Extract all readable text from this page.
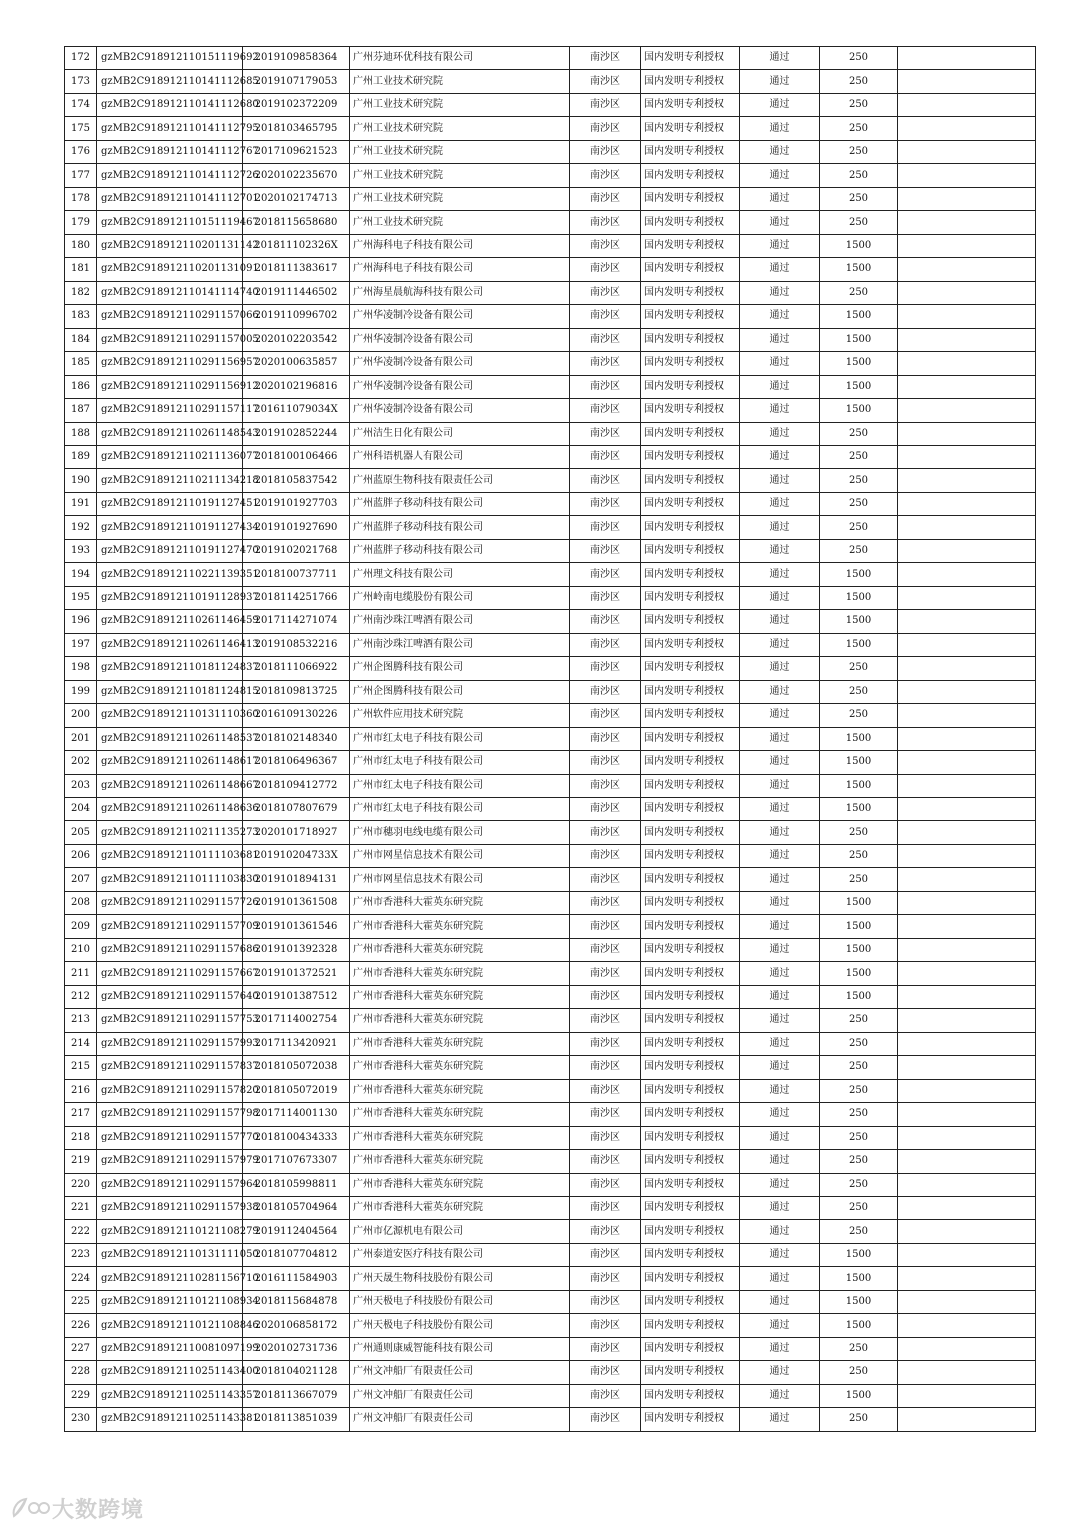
172	gzMB2C918912110151119692	2019109858364	广州芬迪环优科技有限公司	南沙区	国内发明专利授权	通过	250	
173	gzMB2C918912110141112685	2019107179053	广州工业技术研究院	南沙区	国内发明专利授权	通过	250	
174	gzMB2C918912110141112680	2019102372209	广州工业技术研究院	南沙区	国内发明专利授权	通过	250	
175	gzMB2C918912110141112795	2018103465795	广州工业技术研究院	南沙区	国内发明专利授权	通过	250	
176	gzMB2C918912110141112767	2017109621523	广州工业技术研究院	南沙区	国内发明专利授权	通过	250	
177	gzMB2C918912110141112726	2020102235670	广州工业技术研究院	南沙区	国内发明专利授权	通过	250	
178	gzMB2C918912110141112701	2020102174713	广州工业技术研究院	南沙区	国内发明专利授权	通过	250	
179	gzMB2C918912110151119467	2018115658680	广州工业技术研究院	南沙区	国内发明专利授权	通过	250	
180	gzMB2C918912110201131142	201811102326X	广州海科电子科技有限公司	南沙区	国内发明专利授权	通过	1500	
181	gzMB2C918912110201131091	2018111383617	广州海科电子科技有限公司	南沙区	国内发明专利授权	通过	1500	
182	gzMB2C918912110141114740	2019111446502	广州海星晨航海科技有限公司	南沙区	国内发明专利授权	通过	250	
183	gzMB2C918912110291157066	2019110996702	广州华凌制冷设备有限公司	南沙区	国内发明专利授权	通过	1500	
184	gzMB2C918912110291157005	2020102203542	广州华凌制冷设备有限公司	南沙区	国内发明专利授权	通过	1500	
185	gzMB2C918912110291156957	2020100635857	广州华凌制冷设备有限公司	南沙区	国内发明专利授权	通过	1500	
186	gzMB2C918912110291156912	2020102196816	广州华凌制冷设备有限公司	南沙区	国内发明专利授权	通过	1500	
187	gzMB2C918912110291157117	201611079034X	广州华凌制冷设备有限公司	南沙区	国内发明专利授权	通过	1500	
188	gzMB2C918912110261148543	2019102852244	广州洁生日化有限公司	南沙区	国内发明专利授权	通过	250	
189	gzMB2C918912110211136077	2018100106466	广州科语机器人有限公司	南沙区	国内发明专利授权	通过	250	
190	gzMB2C918912110211134218	2018105837542	广州蓝原生物科技有限责任公司	南沙区	国内发明专利授权	通过	250	
191	gzMB2C918912110191127451	2019101927703	广州蓝胖子移动科技有限公司	南沙区	国内发明专利授权	通过	250	
192	gzMB2C918912110191127434	2019101927690	广州蓝胖子移动科技有限公司	南沙区	国内发明专利授权	通过	250	
193	gzMB2C918912110191127470	2019102021768	广州蓝胖子移动科技有限公司	南沙区	国内发明专利授权	通过	250	
194	gzMB2C918912110221139351	2018100737711	广州理文科技有限公司	南沙区	国内发明专利授权	通过	1500	
195	gzMB2C918912110191128937	2018114251766	广州岭南电缆股份有限公司	南沙区	国内发明专利授权	通过	1500	
196	gzMB2C918912110261146459	2017114271074	广州南沙珠江啤酒有限公司	南沙区	国内发明专利授权	通过	1500	
197	gzMB2C918912110261146413	2019108532216	广州南沙珠江啤酒有限公司	南沙区	国内发明专利授权	通过	1500	
198	gzMB2C918912110181124837	2018111066922	广州企图腾科技有限公司	南沙区	国内发明专利授权	通过	250	
199	gzMB2C918912110181124815	2018109813725	广州企图腾科技有限公司	南沙区	国内发明专利授权	通过	250	
200	gzMB2C918912110131110360	2016109130226	广州软件应用技术研究院	南沙区	国内发明专利授权	通过	250	
201	gzMB2C918912110261148537	2018102148340	广州市红太电子科技有限公司	南沙区	国内发明专利授权	通过	1500	
202	gzMB2C918912110261148617	2018106496367	广州市红太电子科技有限公司	南沙区	国内发明专利授权	通过	1500	
203	gzMB2C918912110261148667	2018109412772	广州市红太电子科技有限公司	南沙区	国内发明专利授权	通过	1500	
204	gzMB2C918912110261148636	2018107807679	广州市红太电子科技有限公司	南沙区	国内发明专利授权	通过	1500	
205	gzMB2C918912110211135273	2020101718927	广州市穗羽电线电缆有限公司	南沙区	国内发明专利授权	通过	250	
206	gzMB2C918912110111103681	201910204733X	广州市网星信息技术有限公司	南沙区	国内发明专利授权	通过	250	
207	gzMB2C918912110111103830	2019101894131	广州市网星信息技术有限公司	南沙区	国内发明专利授权	通过	250	
208	gzMB2C918912110291157726	2019101361508	广州市香港科大霍英东研究院	南沙区	国内发明专利授权	通过	1500	
209	gzMB2C918912110291157709	2019101361546	广州市香港科大霍英东研究院	南沙区	国内发明专利授权	通过	1500	
210	gzMB2C918912110291157686	2019101392328	广州市香港科大霍英东研究院	南沙区	国内发明专利授权	通过	1500	
211	gzMB2C918912110291157667	2019101372521	广州市香港科大霍英东研究院	南沙区	国内发明专利授权	通过	1500	
212	gzMB2C918912110291157640	2019101387512	广州市香港科大霍英东研究院	南沙区	国内发明专利授权	通过	1500	
213	gzMB2C918912110291157753	2017114002754	广州市香港科大霍英东研究院	南沙区	国内发明专利授权	通过	250	
214	gzMB2C918912110291157993	2017113420921	广州市香港科大霍英东研究院	南沙区	国内发明专利授权	通过	250	
215	gzMB2C918912110291157837	2018105072038	广州市香港科大霍英东研究院	南沙区	国内发明专利授权	通过	250	
216	gzMB2C918912110291157820	2018105072019	广州市香港科大霍英东研究院	南沙区	国内发明专利授权	通过	250	
217	gzMB2C918912110291157798	2017114001130	广州市香港科大霍英东研究院	南沙区	国内发明专利授权	通过	250	
218	gzMB2C918912110291157770	2018100434333	广州市香港科大霍英东研究院	南沙区	国内发明专利授权	通过	250	
219	gzMB2C918912110291157979	2017107673307	广州市香港科大霍英东研究院	南沙区	国内发明专利授权	通过	250	
220	gzMB2C918912110291157964	2018105998811	广州市香港科大霍英东研究院	南沙区	国内发明专利授权	通过	250	
221	gzMB2C918912110291157938	2018105704964	广州市香港科大霍英东研究院	南沙区	国内发明专利授权	通过	250	
222	gzMB2C918912110121108279	2019112404564	广州市亿源机电有限公司	南沙区	国内发明专利授权	通过	250	
223	gzMB2C918912110131111050	2018107704812	广州泰道安医疗科技有限公司	南沙区	国内发明专利授权	通过	1500	
224	gzMB2C918912110281156710	2016111584903	广州天晟生物科技股份有限公司	南沙区	国内发明专利授权	通过	1500	
225	gzMB2C918912110121108934	2018115684878	广州天极电子科技股份有限公司	南沙区	国内发明专利授权	通过	1500	
226	gzMB2C918912110121108846	2020106858172	广州天极电子科技股份有限公司	南沙区	国内发明专利授权	通过	1500	
227	gzMB2C918912110081097199	2020102731736	广州通则康威智能科技有限公司	南沙区	国内发明专利授权	通过	250	
228	gzMB2C918912110251143400	2018104021128	广州文冲船厂有限责任公司	南沙区	国内发明专利授权	通过	250	
229	gzMB2C918912110251143357	2018113667079	广州文冲船厂有限责任公司	南沙区	国内发明专利授权	通过	1500	
230	gzMB2C918912110251143381	2018113851039	广州文冲船厂有限责任公司	南沙区	国内发明专利授权	通过	250	
大数跨境
